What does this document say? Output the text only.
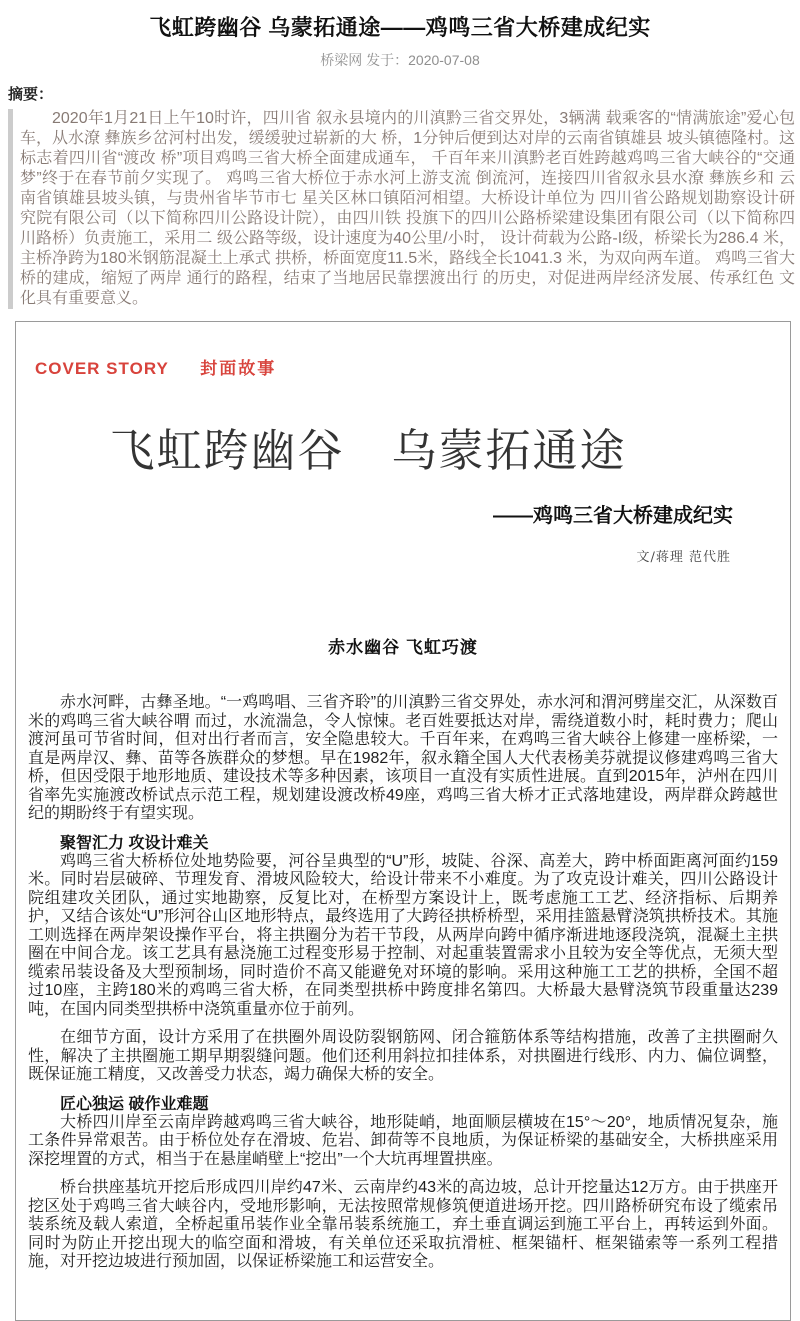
飞虹跨幽谷 乌蒙拓通途——鸡鸣三省大桥建成纪实
桥梁网 发于：2020-07-08
摘要：
2020年1月21日上午10时许，四川省 叙永县境内的川滇黔三省交界处，3辆满 载乘客的“情满旅途”爱心包车，从水潦 彝族乡岔河村出发，缓缓驶过崭新的大 桥，1分钟后便到达对岸的云南省镇雄县 坡头镇德隆村。这标志着四川省“渡改 桥”项目鸡鸣三省大桥全面建成通车， 千百年来川滇黔老百姓跨越鸡鸣三省大峡谷的“交通梦”终于在春节前夕实现了。 鸡鸣三省大桥位于赤水河上游支流 倒流河，连接四川省叙永县水潦 彝族乡和 云南省镇雄县坡头镇，与贵州省毕节市七 星关区林口镇陌河相望。大桥设计单位为 四川省公路规划勘察设计研究院有限公司（以下简称四川公路设计院），由四川铁 投旗下的四川公路桥梁建设集团有限公司（以下简称四川路桥）负责施工，采用二 级公路等级，设计速度为40公里/小时， 设计荷载为公路-I级，桥梁长为286.4 米，主桥净跨为180米钢筋混凝土上承式 拱桥，桥面宽度11.5米，路线全长1041.3 米，为双向两车道。 鸡鸣三省大桥的建成，缩短了两岸 通行的路程，结束了当地居民靠摆渡出行 的历史，对促进两岸经济发展、传承红色 文化具有重要意义。
COVER STORY 封面故事
飞虹跨幽谷　乌蒙拓通途
——鸡鸣三省大桥建成纪实
文/蒋理 范代胜
赤水幽谷 飞虹巧渡

赤水河畔，古彝圣地。“一鸡鸣唱、三省齐聆”的川滇黔三省交界处，赤水河和渭河劈崖交汇，从深数百米的鸡鸣三省大峡谷喟 而过，水流湍急，令人惊悚。老百姓要抵达对岸，需绕道数小时，耗时费力；爬山渡河虽可节省时间，但对出行者而言，安全隐患较大。千百年来，在鸡鸣三省大峡谷上修建一座桥梁，一直是两岸汉、彝、苗等各族群众的梦想。早在1982年，叙永籍全国人大代表杨美芬就提议修建鸡鸣三省大桥，但因受限于地形地质、建设技术等多种因素，该项目一直没有实质性进展。直到2015年，泸州在四川省率先实施渡改桥试点示范工程，规划建设渡改桥49座，鸡鸣三省大桥才正式落地建设，两岸群众跨越世纪的期盼终于有望实现。

聚智汇力 攻设计难关

鸡鸣三省大桥桥位处地势险要，河谷呈典型的“U”形，坡陡、谷深、高差大，跨中桥面距离河面约159米。同时岩层破碎、节理发育、滑坡风险较大，给设计带来不小难度。为了攻克设计难关，四川公路设计院组建攻关团队，通过实地勘察，反复比对，在桥型方案设计上，既考虑施工工艺、经济指标、后期养护，又结合该处“U”形河谷山区地形特点，最终选用了大跨径拱桥桥型，采用挂篮悬臂浇筑拱桥技术。其施工则选择在两岸架设操作平台，将主拱圈分为若干节段，从两岸向跨中循序渐进地逐段浇筑，混凝土主拱圈在中间合龙。该工艺具有悬浇施工过程变形易于控制、对起重装置需求小且较为安全等优点，无须大型缆索吊装设备及大型预制场，同时造价不高又能避免对环境的影响。采用这种施工工艺的拱桥，全国不超过10座，主跨180米的鸡鸣三省大桥，在同类型拱桥中跨度排名第四。大桥最大悬臂浇筑节段重量达239吨，在国内同类型拱桥中浇筑重量亦位于前列。

在细节方面，设计方采用了在拱圈外周设防裂钢筋网、闭合箍筋体系等结构措施，改善了主拱圈耐久性，解决了主拱圈施工期早期裂缝问题。他们还利用斜拉扣挂体系，对拱圈进行线形、内力、偏位调整，既保证施工精度，又改善受力状态，竭力确保大桥的安全。

匠心独运 破作业难题

大桥四川岸至云南岸跨越鸡鸣三省大峡谷，地形陡峭，地面顺层横坡在15°～20°，地质情况复杂，施工条件异常艰苦。由于桥位处存在滑坡、危岩、卸荷等不良地质，为保证桥梁的基础安全，大桥拱座采用深挖埋置的方式，相当于在悬崖峭壁上“挖出”一个大坑再埋置拱座。

桥台拱座基坑开挖后形成四川岸约47米、云南岸约43米的高边坡，总计开挖量达12万方。由于拱座开挖区处于鸡鸣三省大峡谷内，受地形影响，无法按照常规修筑便道进场开挖。四川路桥研究布设了缆索吊装系统及载人索道，全桥起重吊装作业全靠吊装系统施工，弃土垂直调运到施工平台上，再转运到外面。同时为防止开挖出现大的临空面和滑坡，有关单位还采取抗滑桩、框架锚杆、框架锚索等一系列工程措施，对开挖边坡进行预加固，以保证桥梁施工和运营安全。
